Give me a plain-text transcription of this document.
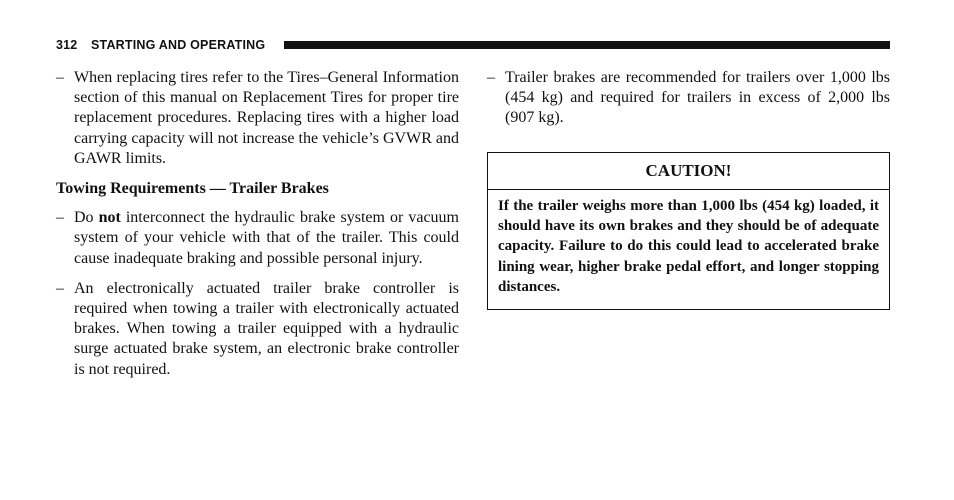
312 STARTING AND OPERATING

– When replacing tires refer to the Tires–General Information section of this manual on Replacement Tires for proper tire replacement procedures. Replacing tires with a higher load carrying capacity will not increase the vehicle’s GVWR and GAWR limits.

Towing Requirements — Trailer Brakes

– Do not interconnect the hydraulic brake system or vacuum system of your vehicle with that of the trailer. This could cause inadequate braking and possible personal injury.

– An electronically actuated trailer brake controller is required when towing a trailer with electronically actuated brakes. When towing a trailer equipped with a hydraulic surge actuated brake system, an electronic brake controller is not required.

– Trailer brakes are recommended for trailers over 1,000 lbs (454 kg) and required for trailers in excess of 2,000 lbs (907 kg).

CAUTION!
If the trailer weighs more than 1,000 lbs (454 kg) loaded, it should have its own brakes and they should be of adequate capacity. Failure to do this could lead to accelerated brake lining wear, higher brake pedal effort, and longer stopping distances.
